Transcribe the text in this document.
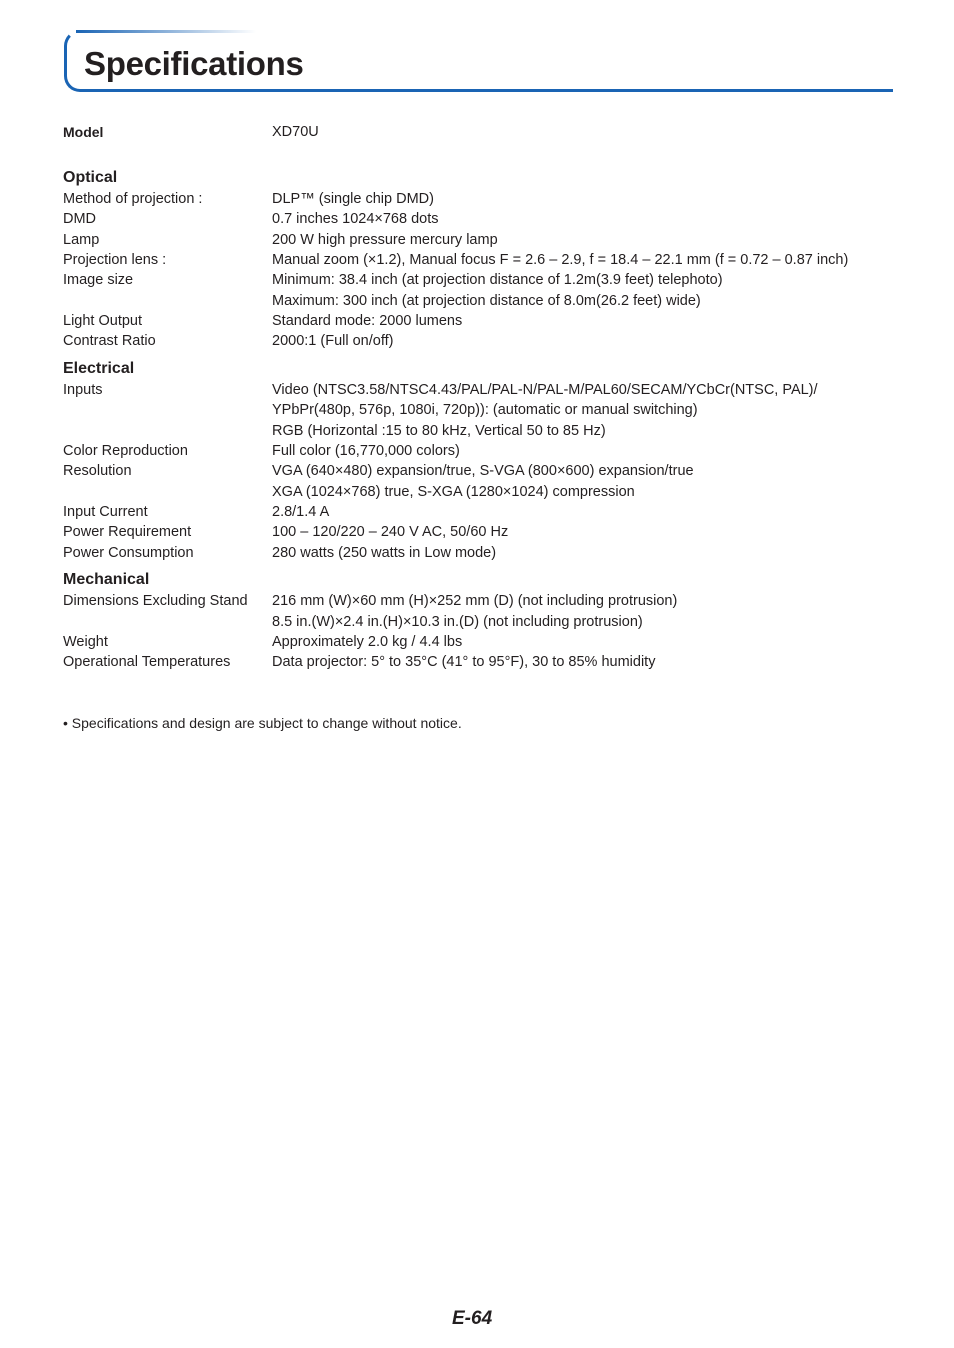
Specifications
Model	XD70U
Optical
Method of projection :	DLP™ (single chip DMD)
DMD	0.7 inches 1024×768 dots
Lamp	200 W high pressure mercury lamp
Projection lens :	Manual zoom (×1.2), Manual focus F = 2.6 – 2.9, f = 18.4 – 22.1 mm (f = 0.72 – 0.87 inch)
Image size	Minimum: 38.4 inch (at projection distance of 1.2m(3.9 feet) telephoto)
Maximum: 300 inch (at projection distance of 8.0m(26.2 feet) wide)
Light Output	Standard mode: 2000 lumens
Contrast Ratio	2000:1 (Full on/off)
Electrical
Inputs	Video (NTSC3.58/NTSC4.43/PAL/PAL-N/PAL-M/PAL60/SECAM/YCbCr(NTSC, PAL)/
YPbPr(480p, 576p, 1080i, 720p)): (automatic or manual switching)
RGB (Horizontal :15 to 80 kHz, Vertical 50 to 85 Hz)
Color Reproduction	Full color (16,770,000 colors)
Resolution	VGA (640×480) expansion/true, S-VGA (800×600) expansion/true
XGA (1024×768) true, S-XGA (1280×1024) compression
Input Current	2.8/1.4 A
Power Requirement	100 – 120/220 – 240 V AC, 50/60 Hz
Power Consumption	280 watts (250 watts in Low mode)
Mechanical
Dimensions Excluding Stand 216 mm (W)×60 mm (H)×252 mm (D) (not including protrusion)
8.5 in.(W)×2.4 in.(H)×10.3 in.(D) (not including protrusion)
Weight	Approximately 2.0 kg / 4.4 lbs
Operational Temperatures	Data projector: 5° to 35°C (41° to 95°F), 30 to 85% humidity
• Specifications and design are subject to change without notice.
E-64
